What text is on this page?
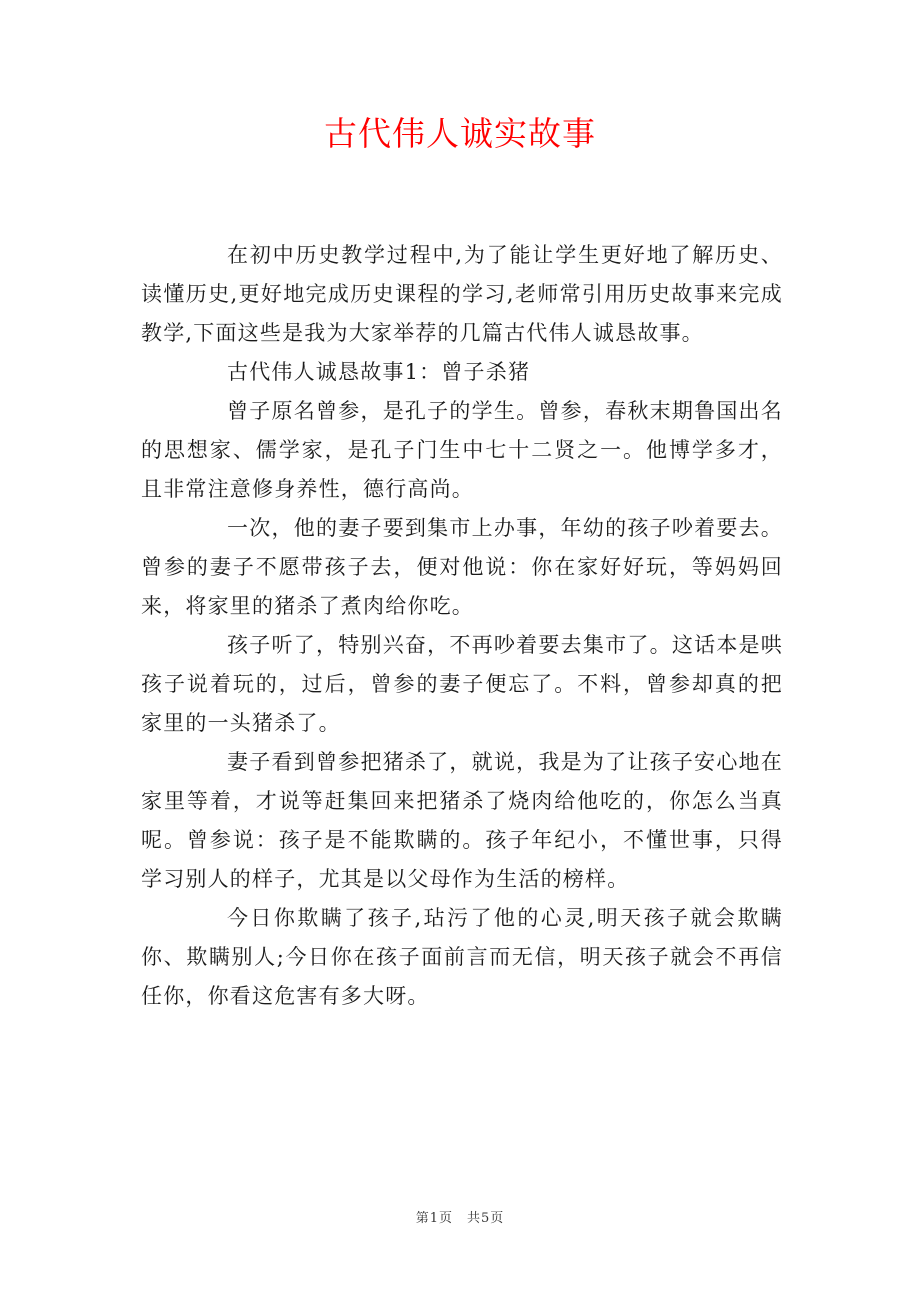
古代伟人诚实故事

在初中历史教学过程中,为了能让学生更好地了解历史、读懂历史,更好地完成历史课程的学习,老师常引用历史故事来完成教学,下面这些是我为大家举荐的几篇古代伟人诚恳故事。

古代伟人诚恳故事1：曾子杀猪

曾子原名曾参，是孔子的学生。曾参，春秋末期鲁国出名的思想家、儒学家，是孔子门生中七十二贤之一。他博学多才，且非常注意修身养性，德行高尚。

一次，他的妻子要到集市上办事，年幼的孩子吵着要去。曾参的妻子不愿带孩子去，便对他说：你在家好好玩，等妈妈回来，将家里的猪杀了煮肉给你吃。

孩子听了，特别兴奋，不再吵着要去集市了。这话本是哄孩子说着玩的，过后，曾参的妻子便忘了。不料，曾参却真的把家里的一头猪杀了。

妻子看到曾参把猪杀了，就说，我是为了让孩子安心地在家里等着，才说等赶集回来把猪杀了烧肉给他吃的，你怎么当真呢。曾参说：孩子是不能欺瞒的。孩子年纪小，不懂世事，只得学习别人的样子，尤其是以父母作为生活的榜样。

今日你欺瞒了孩子,玷污了他的心灵,明天孩子就会欺瞒你、欺瞒别人;今日你在孩子面前言而无信，明天孩子就会不再信任你，你看这危害有多大呀。

第1页 共5页
